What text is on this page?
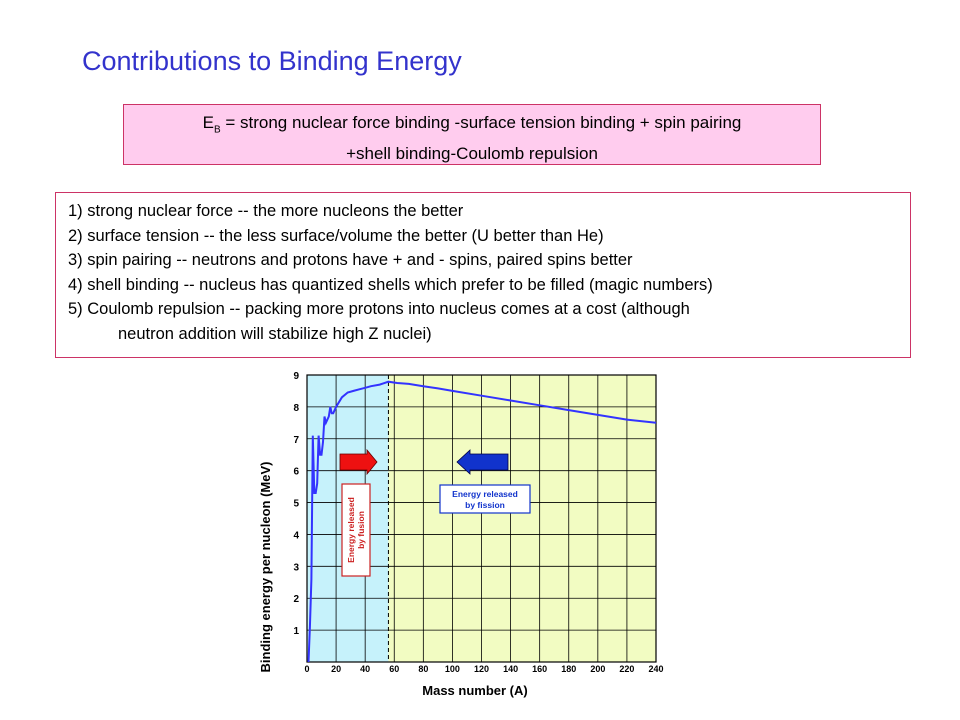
Contributions to Binding Energy
$E_B$ = strong nuclear force binding -surface tension binding + spin pairing
+shell binding-Coulomb repulsion
1) strong nuclear force -- the more nucleons the better
2) surface tension -- the less surface/volume the better (U better than He)
3) spin pairing -- neutrons and protons have + and - spins, paired spins better
4) shell binding -- nucleus has quantized shells which prefer to be filled (magic numbers)
5) Coulomb repulsion -- packing more protons into nucleus comes at a cost (although
neutron addition will stabilize high Z nuclei)
0 20 40 60 80 100 120 140 160 180 200 220 240
1
2
3
4
5
6
7
8
9
Mass number (A)
Binding energy per nucleon (MeV)	Energy released by fusion
Energy released
by fission
